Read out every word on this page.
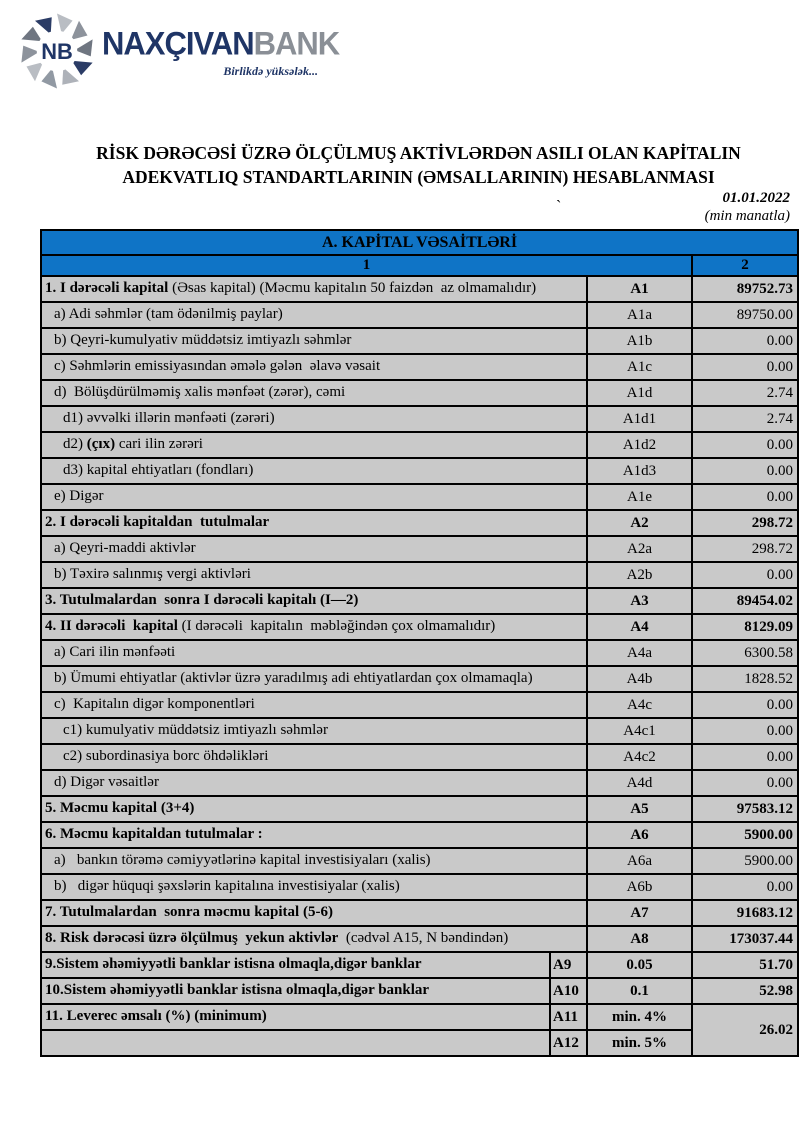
NB NAXÇIVANBANK
Birlikdə yüksələk...
RİSK DƏRƏCƏSİ ÜZRƏ ÖLÇÜLMUŞ AKTİVLƏRDƏN ASILI OLAN KAPİTALIN
ADEKVATLIQ STANDARTLARININ (ƏMSALLARININ) HESABLANMASI
01.01.2022
(min manatla)
`
A. KAPİTAL VƏSAİTLƏRİ			
1			2
1. I dərəcəli kapital (Əsas kapital) (Məcmu kapitalın 50 faizdən  az olmamalıdır)		A1	89752.73
a) Adi səhmlər (tam ödənilmiş paylar)		A1a	89750.00
b) Qeyri-kumulyativ müddətsiz imtiyazlı səhmlər		A1b	0.00
c) Səhmlərin emissiyasından əmələ gələn  əlavə vəsait		A1c	0.00
d)  Bölüşdürülməmiş xalis mənfəət (zərər), cəmi		A1d	2.74
d1) əvvəlki illərin mənfəəti (zərəri)		A1d1	2.74
d2) (çıx) cari ilin zərəri		A1d2	0.00
d3) kapital ehtiyatları (fondları)		A1d3	0.00
e) Digər		A1e	0.00
2. I dərəcəli kapitaldan  tutulmalar		A2	298.72
a) Qeyri-maddi aktivlər		A2a	298.72
b) Təxirə salınmış vergi aktivləri		A2b	0.00
3. Tutulmalardan  sonra I dərəcəli kapitalı (I—2)		A3	89454.02
4. II dərəcəli  kapital (I dərəcəli  kapitalın  məbləğindən çox olmamalıdır)		A4	8129.09
a) Cari ilin mənfəəti		A4a	6300.58
b) Ümumi ehtiyatlar (aktivlər üzrə yaradılmış adi ehtiyatlardan çox olmamaqla)		A4b	1828.52
c)  Kapitalın digər komponentləri		A4c	0.00
c1) kumulyativ müddətsiz imtiyazlı səhmlər		A4c1	0.00
c2) subordinasiya borc öhdəlikləri		A4c2	0.00
d) Digər vəsaitlər		A4d	0.00
5. Məcmu kapital (3+4)		A5	97583.12
6. Məcmu kapitaldan tutulmalar :		A6	5900.00
a)   bankın törəmə cəmiyyətlərinə kapital investisiyaları (xalis)		A6a	5900.00
b)   digər hüquqi şəxslərin kapitalına investisiyalar (xalis)		A6b	0.00
7. Tutulmalardan  sonra məcmu kapital (5-6)		A7	91683.12
8. Risk dərəcəsi üzrə ölçülmuş  yekun aktivlər  (cədvəl A15, N bəndindən)		A8	173037.44
9.Sistem əhəmiyyətli banklar istisna olmaqla,digər banklar	A9	0.05	51.70
10.Sistem əhəmiyyətli banklar istisna olmaqla,digər banklar	A10	0.1	52.98
11. Leverec əmsalı (%) (minimum)	A11	min. 4%	26.02
	A12	min. 5%	
